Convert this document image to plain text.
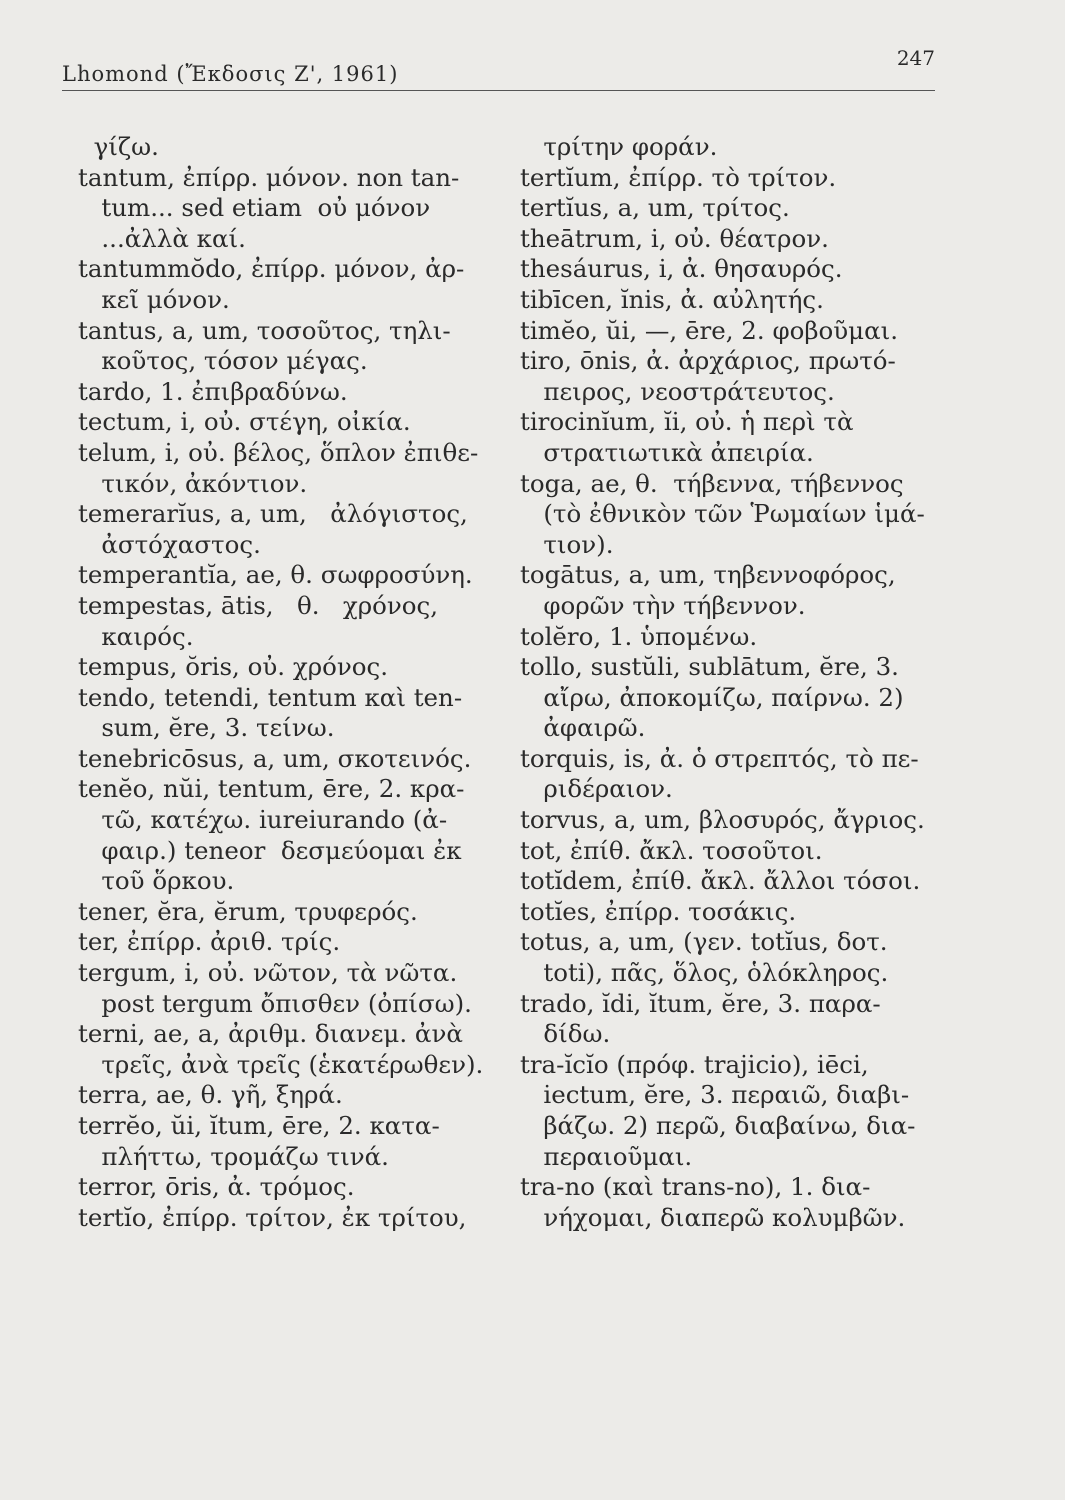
Lhomond (Ἔκδοσις Ζ', 1961)
247
γίζω.
tantum, ἐπίρρ. μόνον. non tan-
tum... sed etiam  οὐ μόνον
...ἀλλὰ καί.
tantummŏdo, ἐπίρρ. μόνον, ἀρ-
κεῖ μόνον.
tantus, a, um, τοσοῦτος, τηλι-
κοῦτος, τόσον μέγας.
tardo, 1. ἐπιβραδύνω.
tectum, i, οὐ. στέγη, οἰκία.
telum, i, οὐ. βέλος, ὅπλον ἐπιθε-
τικόν, ἀκόντιον.
temerarĭus, a, um,   ἀλόγιστος,
ἀστόχαστος.
temperantĭa, ae, θ. σωφροσύνη.
tempestas, ātis,   θ.   χρόνος,
καιρός.
tempus, ŏris, οὐ. χρόνος.
tendo, tetendi, tentum καὶ ten-
sum, ĕre, 3. τείνω.
tenebricōsus, a, um, σκοτεινός.
tenĕo, nŭi, tentum, ēre, 2. κρα-
τῶ, κατέχω. iureiurando (ἀ-
φαιρ.) teneor  δεσμεύομαι ἐκ
τοῦ ὅρκου.
tener, ĕra, ĕrum, τρυφερός.
ter, ἐπίρρ. ἀριθ. τρίς.
tergum, i, οὐ. νῶτον, τὰ νῶτα.
post tergum ὄπισθεν (ὀπίσω).
terni, ae, a, ἀριθμ. διανεμ. ἀνὰ
τρεῖς, ἀνὰ τρεῖς (ἑκατέρωθεν).
terra, ae, θ. γῆ, ξηρά.
terrĕo, ŭi, ĭtum, ēre, 2. κατα-
πλήττω, τρομάζω τινά.
terror, ōris, ἀ. τρόμος.
tertĭo, ἐπίρρ. τρίτον, ἐκ τρίτου,
τρίτην φοράν.
tertĭum, ἐπίρρ. τὸ τρίτον.
tertĭus, a, um, τρίτος.
theātrum, i, οὐ. θέατρον.
thesáurus, i, ἀ. θησαυρός.
tibīcen, ĭnis, ἀ. αὐλητής.
timĕo, ŭi, —, ēre, 2. φοβοῦμαι.
tiro, ōnis, ἀ. ἀρχάριος, πρωτό-
πειρος, νεοστράτευτος.
tirocinĭum, ĭi, οὐ. ἡ περὶ τὰ
στρατιωτικὰ ἀπειρία.
toga, ae, θ.  τήβεννα, τήβεννος
(τὸ ἐθνικὸν τῶν Ῥωμαίων ἱμά-
τιον).
togātus, a, um, τηβεννοφόρος,
φορῶν τὴν τήβεννον.
tolĕro, 1. ὑπομένω.
tollo, sustŭli, sublātum, ĕre, 3.
αἴρω, ἀποκομίζω, παίρνω. 2)
ἀφαιρῶ.
torquis, is, ἀ. ὁ στρεπτός, τὸ πε-
ριδέραιον.
torvus, a, um, βλοσυρός, ἄγριος.
tot, ἐπίθ. ἄκλ. τοσοῦτοι.
totĭdem, ἐπίθ. ἄκλ. ἄλλοι τόσοι.
totĭes, ἐπίρρ. τοσάκις.
totus, a, um, (γεν. totĭus, δοτ.
toti), πᾶς, ὅλος, ὁλόκληρος.
trado, ĭdi, ĭtum, ĕre, 3. παρα-
δίδω.
tra-ĭcĭo (πρόφ. trajicio), iēci,
iectum, ĕre, 3. περαιῶ, διαβι-
βάζω. 2) περῶ, διαβαίνω, δια-
περαιοῦμαι.
tra-no (καὶ trans-no), 1. δια-
νήχομαι, διαπερῶ κολυμβῶν.
